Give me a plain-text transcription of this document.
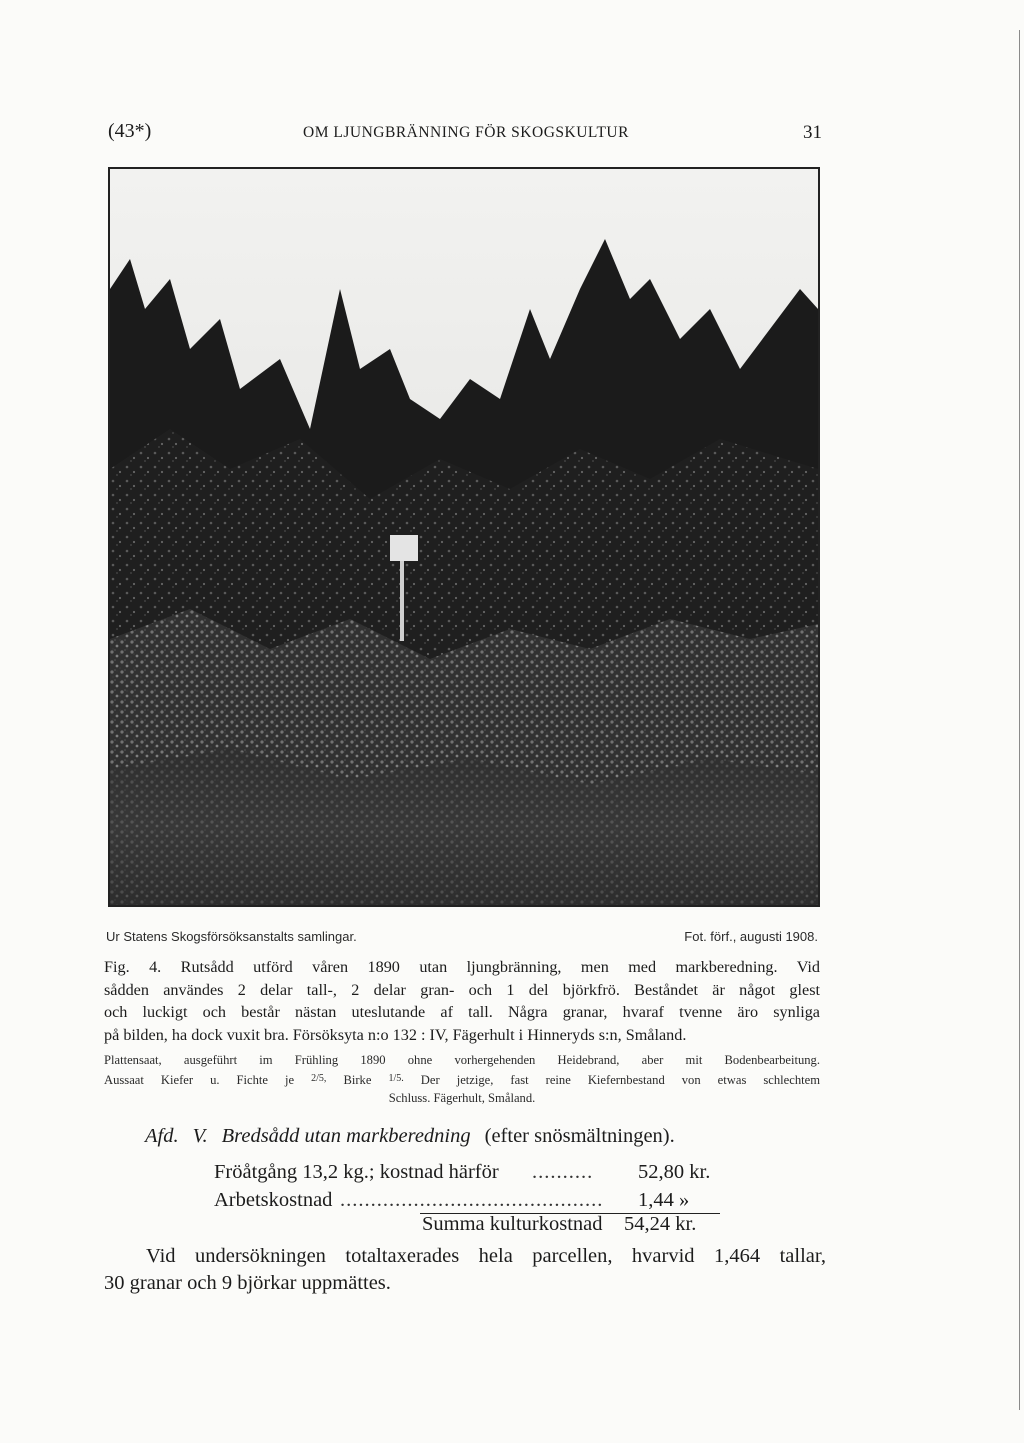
(43*)	OM LJUNGBRÄNNING FÖR SKOGSKULTUR	31
Ur Statens Skogsförsöksanstalts samlingar.	Fot. förf., augusti 1908.
Fig. 4. Rutsådd utförd våren 1890 utan ljungbränning, men med markberedning. Vid
sådden användes 2 delar tall-, 2 delar gran- och 1 del björkfrö. Beståndet är något glest
och luckigt och består nästan uteslutande af tall. Några granar, hvaraf tvenne äro synliga
på bilden, ha dock vuxit bra. Försöksyta n:o 132 : IV, Fägerhult i Hinneryds s:n, Småland.
Plattensaat, ausgeführt im Frühling 1890 ohne vorhergehenden Heidebrand, aber mit Bodenbearbeitung.
Aussaat Kiefer u. Fichte je $^{2/5,}$ Birke $^{1/5.}$ Der jetzige, fast reine Kiefernbestand von etwas schlechtem
Schluss. Fägerhult, Småland.
Afd. V. Bredsådd utan markberedning (efter snösmältningen).
Fröåtgång 13,2 kg.; kostnad härför ..........	52,80 kr.
Arbetskostnad ...........................................	1,44 »
Summa kulturkostnad 54,24 kr.
Vid undersökningen totaltaxerades hela parcellen, hvarvid 1,464 tallar,
30 granar och 9 björkar uppmättes.
